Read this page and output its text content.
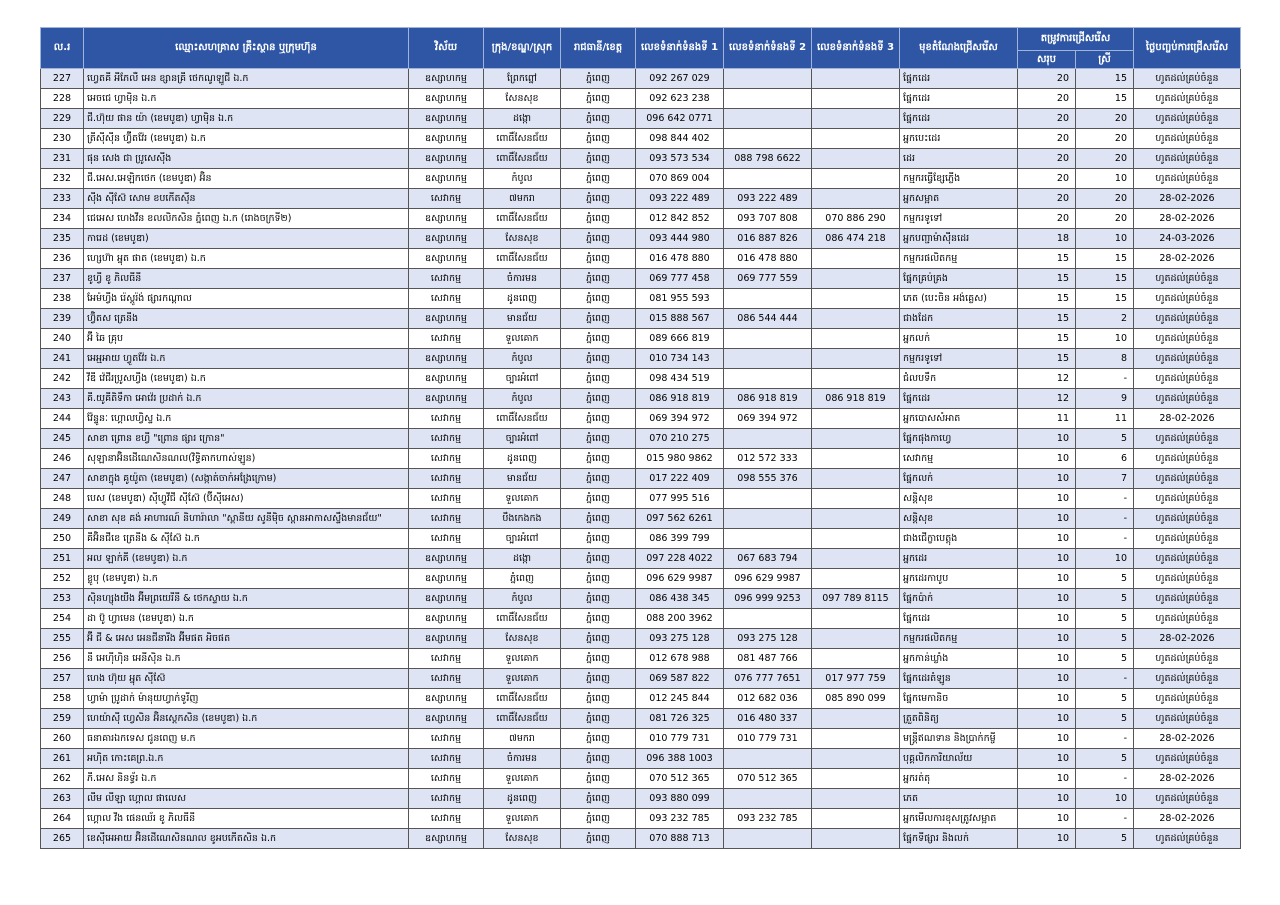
ល.រ	ឈ្មោះសហគ្រាស គ្រឹះស្ថាន ឬក្រុមហ៊ុន	វិស័យ	ក្រុង/ខណ្ឌ/ស្រុក	រាជធានី/ខេត្ត	លេខទំនាក់ទំនងទី 1	លេខទំនាក់ទំនងទី 2	លេខទំនាក់ទំនងទី 3	មុខតំណែងជ្រើសរើស	តម្រូវការជ្រើសរើស		ថ្ងៃបញ្ចប់ការជ្រើសរើស
									សរុប	ស្រី	
227	ហ្វេតគី អីភែលឺ អេន ខ្សានគ្រី ថេកណូឡូជី ឯ.ក	ឧស្សាហកម្ម	ព្រែកព្នៅ	ភ្នំពេញ	092 267 029			ផ្នែកដេរ	20	15	ហូតដល់គ្រប់ចំនួន
228	អេចជេ ហ្វាម៉ិន ឯ.ក	ឧស្សាហកម្ម	សែនសុខ	ភ្នំពេញ	092 623 238			ផ្នែកដេរ	20	15	ហូតដល់គ្រប់ចំនួន
229	ជី.ហ៊ុយ ផាន យ៉ា (ខេមបូឌា) ហ្វាម៉ិន ឯ.ក	ឧស្សាហកម្ម	ដង្កោ	ភ្នំពេញ	096 642 0771			ផ្នែកដេរ	20	20	ហូតដល់គ្រប់ចំនួន
230	ត្រីស៊ីស៊ីន ហ្វ៊ីតវ៉ែរ (ខេមបូឌា) ឯ.ក	ឧស្សាហកម្ម	ពោធិ៍សែនជ័យ	ភ្នំពេញ	098 844 402			អ្នកបេះដេរ	20	20	ហូតដល់គ្រប់ចំនួន
231	ផុន សេង ជា ប្រូសេស៊ីង	ឧស្សាហកម្ម	ពោធិ៍សែនជ័យ	ភ្នំពេញ	093 573 534	088 798 6622		ដេរ	20	20	ហូតដល់គ្រប់ចំនួន
232	ជី.អេស.អេឡិកថេក (ខេមបូឌា) អ៊ិន	ឧស្សាហកម្ម	កំបូល	ភ្នំពេញ	070 869 004			កម្មករធ្វើខ្សែភ្លើង	20	10	ហូតដល់គ្រប់ចំនួន
233	ស៊ីង ស៊ីស៊ែ សោម ខបកើតស៊ីន	សេវាកម្ម	៧មករា	ភ្នំពេញ	093 222 489	093 222 489		អ្នកសម្អាត	20	20	28-02-2026
234	ជេអេស ហេងវីន ខលលិកសិន ភ្នំពេញ ឯ.ក (រោងចក្រទី២)	ឧស្សាហកម្ម	ពោធិ៍សែនជ័យ	ភ្នំពេញ	012 842 852	093 707 808	070 886 290	កម្មករទូទៅ	20	20	28-02-2026
235	ការេដ (ខេមបូឌា)	ឧស្សាហកម្ម	សែនសុខ	ភ្នំពេញ	093 444 980	016 887 826	086 474 218	អ្នកបញ្ជាម៉ាស៊ីនដេរ	18	10	24-03-2026
236	ហ្សេហ៊ា អ្នុត ផាត (ខេមបូឌា) ឯ.ក	ឧស្សាហកម្ម	ពោធិ៍សែនជ័យ	ភ្នំពេញ	016 478 880	016 478 880		កម្មករផលិតកម្ម	15	15	28-02-2026
237	ខូហ្វី ខូ ភិលធីនី	សេវាកម្ម	ចំការមន	ភ្នំពេញ	069 777 458	069 777 559		ផ្នែកគ្រប់គ្រង	15	15	ហូតដល់គ្រប់ចំនួន
238	អែម៉ហ្វីង រ៉េស្តូរ៉ង់ ផ្សារកណ្តាល	សេវាកម្ម	ដូនពេញ	ភ្នំពេញ	081 955 593			ភេត (បេះចិន អង់គ្លេស)	15	15	ហូតដល់គ្រប់ចំនួន
239	ហ្វ៊ិតស ត្រេនីង	ឧស្សាហកម្ម	មានជ័យ	ភ្នំពេញ	015 888 567	086 544 444		ជាងដែក	15	2	ហូតដល់គ្រប់ចំនួន
240	អ៊ី ឆៃ គ្រុប	សេវាកម្ម	ទួលគោក	ភ្នំពេញ	089 666 819			អ្នកលក់	15	10	ហូតដល់គ្រប់ចំនួន
241	អេអ្មអាយ ហ្វូតវ៉ែរ ឯ.ក	ឧស្សាហកម្ម	កំបូល	ភ្នំពេញ	010 734 143			កម្មករទូទៅ	15	8	ហូតដល់គ្រប់ចំនួន
242	វីឌី វ៉េជីរប្រូសហ្វីង (ខេមបូឌា) ឯ.ក	ឧស្សាហកម្ម	ច្បារអំពៅ	ភ្នំពេញ	098 434 519			ជំលបទឹក	12	-	ហូតដល់គ្រប់ចំនួន
243	គី.យូគីតិទឹកា អោវ៉េរ ប្រដាក់ ឯ.ក	ឧស្សាហកម្ម	កំបូល	ភ្នំពេញ	086 918 819	086 918 819	086 918 819	ផ្នែកដេរ	12	9	ហូតដល់គ្រប់ចំនួន
244	វ៉ែន្ទូនៈ ហ្គោលហ្វិស្ទ ឯ.ក	សេវាកម្ម	ពោធិ៍សែនជ័យ	ភ្នំពេញ	069 394 972	069 394 972		អ្នកបោសសំអាត	11	11	28-02-2026
245	សាខា ព្រោន ខហ្វី "ព្រោន ផ្សារ ក្រោន"	សេវាកម្ម	ច្បារអំពៅ	ភ្នំពេញ	070 210 275			ផ្នែកផុងកាហ្វេ	10	5	ហូតដល់គ្រប់ចំនួន
246	សុឡានាអ៊ិនដើណេសិនណល(វិទ្ធិគាកហាស់ឡូន)	សេវាកម្ម	ដូនពេញ	ភ្នំពេញ	015 980 9862	012 572 333		សេវាកម្ម	10	6	ហូតដល់គ្រប់ចំនួន
247	សាខាក្នុង គូយ៉ូតា (ខេមបូឌា) (សង្កាត់ចាក់អង្រែក្រោម)	សេវាកម្ម	មានជ័យ	ភ្នំពេញ	017 222 409	098 555 376		ផ្នែកលក់	10	7	ហូតដល់គ្រប់ចំនួន
248	បេស (ខេមបូឌា) ស៊ីហ្វូវីជី ស៊ីស៊ែ (ប៊ីស៊ីអេស)	សេវាកម្ម	ទួលគោក	ភ្នំពេញ	077 995 516			សន្តិសុខ	10	-	ហូតដល់គ្រប់ចំនួន
249	សាខា សុខ គង់ អាហារណ៍ និហារ៉ាលា "ស្ពានីយ សូនីម៉ិច ស្ពានអាកាសស្ទឹងមានជ័យ"	សេវាកម្ម	បឹងកេងកង	ភ្នំពេញ	097 562 6261			សន្តិសុខ	10	-	ហូតដល់គ្រប់ចំនួន
250	គីអ៊ិនជីខេ ត្រេនីង & ស៊ីស៊ែ ឯ.ក	សេវាកម្ម	ច្បារអំពៅ	ភ្នំពេញ	086 399 799			ជាងជើក្ខាបេត្តុង	10	-	ហូតដល់គ្រប់ចំនួន
251	អល ឡាក់គី (ខេមបូឌា) ឯ.ក	ឧស្សាហកម្ម	ដង្កោ	ភ្នំពេញ	097 228 4022	067 683 794		អ្នកដេរ	10	10	ហូតដល់គ្រប់ចំនួន
252	ខ្លូបុ (ខេមបូឌា) ឯ.ក	ឧស្សាហកម្ម	ភ្នំពេញ	ភ្នំពេញ	096 629 9987	096 629 9987		អ្នកដេរកាបូប	10	5	ហូតដល់គ្រប់ចំនួន
253	ស៊ិនហ្សុងយីង អ៊ីមព្រយេរីនី & ថេកស្ទាយ ឯ.ក	ឧស្សាហកម្ម	កំបូល	ភ្នំពេញ	086 438 345	096 999 9253	097 789 8115	ផ្នែកប៉ាក់	10	5	ហូតដល់គ្រប់ចំនួន
254	ដា ប៊ូ ហ្វាមេន (ខេមបូឌា) ឯ.ក	ឧស្សាហកម្ម	ពោធិ៍សែនជ័យ	ភ្នំពេញ	088 200 3962			ផ្នែកដេរ	10	5	ហូតដល់គ្រប់ចំនួន
255	អ៊ី ជី & អេស អេនជីនារីង អ៊ីមផត អិចផត	ឧស្សាហកម្ម	សែនសុខ	ភ្នំពេញ	093 275 128	093 275 128		កម្មករផលិតកម្ម	10	5	28-02-2026
256	នី អេហ៊ីហ៊ិន អេនីស៊ិន ឯ.ក	សេវាកម្ម	ទួលគោក	ភ្នំពេញ	012 678 988	081 487 766		អ្នកកាន់ឃ្លាំង	10	5	ហូតដល់គ្រប់ចំនួន
257	ហេង ហ៊ុយ អ្នុត ស៊ីស៊ែ	សេវាកម្ម	ទួលគោក	ភ្នំពេញ	069 587 822	076 777 7651	017 977 759	ផ្នែកដេរតំឡូន	10	-	ហូតដល់គ្រប់ចំនួន
258	ហ្វាម៉ា ប្រូដាក់ ម៉ានុយហ្វាក់ទូរីញ	ឧស្សាហកម្ម	ពោធិ៍សែនជ័យ	ភ្នំពេញ	012 245 844	012 682 036	085 890 099	ផ្នែកមេកានិច	10	5	ហូតដល់គ្រប់ចំនួន
259	ហេយ៉ាស៊ី ហ្វេសិន អ៊ិនស្តេកសិន (ខេមបូឌា) ឯ.ក	ឧស្សាហកម្ម	ពោធិ៍សែនជ័យ	ភ្នំពេញ	081 726 325	016 480 337		ត្រួតពិនិត្យ	10	5	ហូតដល់គ្រប់ចំនួន
260	ធនាគារឯកទេស ជូនពេញ ម.ក	សេវាកម្ម	៧មករា	ភ្នំពេញ	010 779 731	010 779 731		មន្ត្រីឥណទាន និងប្រាក់កម្ចី	10	-	28-02-2026
261	អហ៊ិត កោះគេព្រ.ឯ.ក	សេវាកម្ម	ចំការមន	ភ្នំពេញ	096 388 1003			បុគ្គលិកការិយាល័យ	10	5	ហូតដល់គ្រប់ចំនួន
262	ភី.អេស និនទ្ធ័រ ឯ.ក	សេវាកម្ម	ទួលគោក	ភ្នំពេញ	070 512 365	070 512 365		អ្នករត់តុ	10	-	28-02-2026
263	លីម លីឡា ហ្គោល ផាលេស	សេវាកម្ម	ដូនពេញ	ភ្នំពេញ	093 880 099			ភេត	10	10	ហូតដល់គ្រប់ចំនួន
264	ហ្គោល វីង ផេនឈ័រ ខូ ភិលធីនី	សេវាកម្ម	ទួលគោក	ភ្នំពេញ	093 232 785	093 232 785		អ្នកមើលការខុសត្រូវសម្អាត	10	-	28-02-2026
265	ខេស៊ីអេអាយ អ៊ិនដើណេសិនណល ខូអបកើតសិន ឯ.ក	ឧស្សាហកម្ម	សែនសុខ	ភ្នំពេញ	070 888 713			ផ្នែកទីផ្សារ និងលក់	10	5	ហូតដល់គ្រប់ចំនួន
